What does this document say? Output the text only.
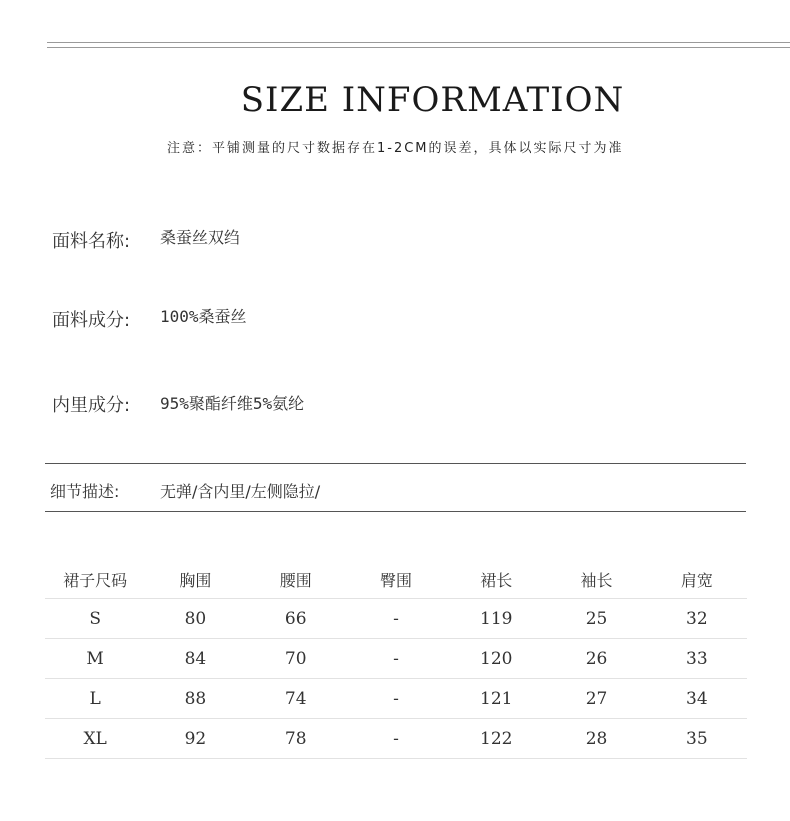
SIZE INFORMATION
注意：平铺测量的尺寸数据存在1-2CM的误差，具体以实际尺寸为准
面料名称: 桑蚕丝双绉
面料成分: 100%桑蚕丝
内里成分: 95%聚酯纤维5%氨纶
细节描述:	无弹/含内里/左侧隐拉/
裙子尺码	胸围	腰围	臀围	裙长	袖长	肩宽
S	80	66	-	119	25	32
M	84	70	-	120	26	33
L	88	74	-	121	27	34
XL	92	78	-	122	28	35
